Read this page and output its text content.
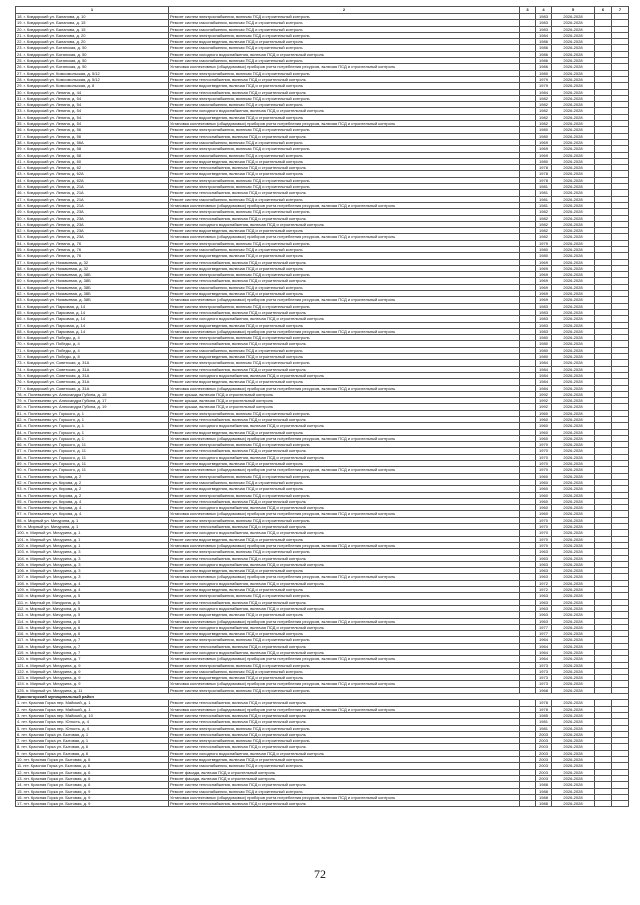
1	2	3	4	5	6	7
18. г. Ковдорский ул. Баланова, д. 10	Ремонт систем электроснабжения, включая ПСД и строительный контроль		1983	2026-2028		
19. г. Ковдорский ул. Баланова, д. 15	Ремонт систем газоснабжения, включая ПСД и строительный контроль		1983	2026-2028		
20. г. Ковдорский ул. Баланова, д. 15	Ремонт систем газоснабжения, включая ПСД и строительный контроль		1983	2026-2028		
21. г. Ковдорский ул. Баланова, д. 20	Ремонт систем электроснабжения, включая ПСД и строительный контроль		1984	2026-2028		
22. г. Ковдорский ул. Баланова, д. 20	Ремонт систем водоотведения, включая ПСД и строительный контроль		1986	2026-2028		
23. г. Ковдорский ул. Ботанская, д. 50	Ремонт систем газоснабжения, включая ПСД и строительный контроль		1986	2026-2028		
24. г. Ковдорский ул. Ботанская, д. 50	Ремонт систем холодного водоснабжения, включая ПСД и строительный контроль		1986	2026-2028		
25. г. Ковдорский ул. Ботанская, д. 50	Ремонт систем газоснабжения, включая ПСД и строительный контроль		1986	2026-2028		
26. г. Ковдорский ул. Ботанская, д. 50	Установка коллективных (общедомовых) приборов учета потребления ресурсов, включая ПСД и строительный контроль		1986	2026-2028		
27. г. Ковдорский ул. Комсомольская, д. 5/12	Ремонт систем электроснабжения, включая ПСД и строительный контроль		1980	2026-2028		
28. г. Ковдорский ул. Комсомольская, д. 5/12	Ремонт систем теплоснабжения, включая ПСД и строительный контроль		1979	2026-2028		
29. г. Ковдорский ул. Комсомольская, д. 8	Ремонт систем водоотведения, включая ПСД и строительный контроль		1979	2026-2028		
30. г. Ковдорский ул. Ленина, д. 44	Ремонт систем теплоснабжения, включая ПСД и строительный контроль		1984	2026-2028		
31. г. Ковдорский ул. Ленина, д. 54	Ремонт систем электроснабжения, включая ПСД и строительный контроль		1982	2026-2028		
32. г. Ковдорский ул. Ленина, д. 54	Ремонт систем газоснабжения, включая ПСД и строительный контроль		1982	2026-2028		
33. г. Ковдорский ул. Ленина, д. 54	Ремонт систем холодного водоснабжения, включая ПСД и строительный контроль		1982	2026-2028		
34. г. Ковдорский ул. Ленина, д. 54	Ремонт систем водоотведения, включая ПСД и строительный контроль		1982	2026-2028		
35. г. Ковдорский ул. Ленина, д. 54	Установка коллективных (общедомовых) приборов учета потребления ресурсов, включая ПСД и строительный контроль		1982	2026-2028		
36. г. Ковдорский ул. Ленина, д. 56	Ремонт систем электроснабжения, включая ПСД и строительный контроль		1980	2026-2028		
37. г. Ковдорский ул. Ленина, д. 56	Ремонт систем теплоснабжения, включая ПСД и строительный контроль		1980	2026-2028		
38. г. Ковдорский ул. Ленина, д. 56А	Ремонт систем газоснабжения, включая ПСД и строительный контроль		1969	2026-2028		
39. г. Ковдорский ул. Ленина, д. 58	Ремонт систем электроснабжения, включая ПСД и строительный контроль		1969	2026-2028		
40. г. Ковдорский ул. Ленина, д. 58	Ремонт систем газоснабжения, включая ПСД и строительный контроль		1969	2026-2028		
41. г. Ковдорский ул. Ленина, д. 60	Ремонт систем водоотведения, включая ПСД и строительный контроль		1980	2026-2028		
42. г. Ковдорский ул. Ленина, д. 62	Ремонт систем теплоснабжения, включая ПСД и строительный контроль		1978	2026-2028		
43. г. Ковдорский ул. Ленина, д. 62А	Ремонт систем водоотведения, включая ПСД и строительный контроль		1978	2026-2028		
44. г. Ковдорский ул. Ленина, д. 62А	Ремонт систем электроснабжения, включая ПСД и строительный контроль		1978	2026-2028		
45. г. Ковдорский ул. Ленина, д. 21А	Ремонт систем электроснабжения, включая ПСД и строительный контроль		1981	2026-2028		
46. г. Ковдорский ул. Ленина, д. 21А	Ремонт систем теплоснабжения, включая ПСД и строительный контроль		1981	2026-2028		
47. г. Ковдорский ул. Ленина, д. 21А	Ремонт систем газоснабжения, включая ПСД и строительный контроль		1981	2026-2028		
48. г. Ковдорский ул. Ленина, д. 21А	Установка коллективных (общедомовых) приборов учета потребления ресурсов, включая ПСД и строительный контроль		1981	2026-2028		
49. г. Ковдорский ул. Ленина, д. 23А	Ремонт систем электроснабжения, включая ПСД и строительный контроль		1982	2026-2028		
50. г. Ковдорский ул. Ленина, д. 23А	Ремонт систем теплоснабжения, включая ПСД и строительный контроль		1982	2026-2028		
51. г. Ковдорский ул. Ленина, д. 23А	Ремонт систем холодного водоснабжения, включая ПСД и строительный контроль		1982	2026-2028		
52. г. Ковдорский ул. Ленина, д. 23А	Ремонт систем водоотведения, включая ПСД и строительный контроль		1982	2026-2028		
53. г. Ковдорский ул. Ленина, д. 23А	Установка коллективных (общедомовых) приборов учета потребления ресурсов, включая ПСД и строительный контроль		1982	2026-2028		
54. г. Ковдорский ул. Ленина, д. 76	Ремонт систем электроснабжения, включая ПСД и строительный контроль		1979	2026-2028		
55. г. Ковдорский ул. Ленина, д. 76	Ремонт систем газоснабжения, включая ПСД и строительный контроль		1980	2026-2028		
56. г. Ковдорский ул. Ленина, д. 76	Ремонт систем водоотведения, включая ПСД и строительный контроль		1980	2026-2028		
57. г. Ковдорский ул. Ноямьевая, д. 32	Ремонт систем теплоснабжения, включая ПСД и строительный контроль		1969	2026-2028		
58. г. Ковдорский ул. Ноямьевая, д. 32	Ремонт систем водоотведения, включая ПСД и строительный контроль		1969	2026-2028		
59. г. Ковдорский ул. Ноямьевая, д. 38Б	Ремонт систем электроснабжения, включая ПСД и строительный контроль		1969	2026-2028		
60. г. Ковдорский ул. Ноямьевая, д. 38Б	Ремонт систем теплоснабжения, включая ПСД и строительный контроль		1969	2026-2028		
61. г. Ковдорский ул. Ноямьевая, д. 38Б	Ремонт систем газоснабжения, включая ПСД и строительный контроль		1969	2026-2028		
62. г. Ковдорский ул. Ноямьевая, д. 38Б	Ремонт систем водоотведения, включая ПСД и строительный контроль		1969	2026-2028		
63. г. Ковдорский ул. Ноямьевая, д. 38Б	Установка коллективных (общедомовых) приборов учета потребления ресурсов, включая ПСД и строительный контроль		1969	2026-2028		
64. г. Ковдорский ул. Парковая, д. 14	Ремонт систем электроснабжения, включая ПСД и строительный контроль		1983	2026-2028		
65. г. Ковдорский ул. Парковая, д. 14	Ремонт систем теплоснабжения, включая ПСД и строительный контроль		1983	2026-2028		
66. г. Ковдорский ул. Парковая, д. 14	Ремонт систем холодного водоснабжения, включая ПСД и строительный контроль		1983	2026-2028		
67. г. Ковдорский ул. Парковая, д. 14	Ремонт систем водоотведения, включая ПСД и строительный контроль		1983	2026-2028		
68. г. Ковдорский ул. Парковая, д. 14	Установка коллективных (общедомовых) приборов учета потребления ресурсов, включая ПСД и строительный контроль		1983	2026-2028		
69. г. Ковдорский ул. Победы, д. 4	Ремонт систем электроснабжения, включая ПСД и строительный контроль		1980	2026-2028		
70. г. Ковдорский ул. Победы, д. 4	Ремонт систем теплоснабжения, включая ПСД и строительный контроль		1980	2026-2028		
71. г. Ковдорский ул. Победы, д. 4	Ремонт систем газоснабжения, включая ПСД и строительный контроль		1980	2026-2028		
72. г. Ковдорский ул. Победы, д. 8	Ремонт систем водоотведения, включая ПСД и строительный контроль		1980	2026-2028		
73. г. Ковдорский ул. Советская, д. 31А	Ремонт систем электроснабжения, включая ПСД и строительный контроль		1984	2026-2028		
74. г. Ковдорский ул. Советская, д. 31А	Ремонт систем теплоснабжения, включая ПСД и строительный контроль		1984	2026-2028		
75. г. Ковдорский ул. Советская, д. 31А	Ремонт систем холодного водоснабжения, включая ПСД и строительный контроль		1984	2026-2028		
76. г. Ковдорский ул. Советская, д. 31А	Ремонт систем водоотведения, включая ПСД и строительный контроль		1984	2026-2028		
77. г. Ковдорский ул. Советская, д. 31А	Установка коллективных (общедомовых) приборов учета потребления ресурсов, включая ПСД и строительный контроль		1984	2026-2028		
78. п. Полевынево ул. Александра Губина, д. 15	Ремонт крыши, включая ПСД и строительный контроль		1992	2026-2028		
79. п. Полевынево ул. Александра Губина, д. 17	Ремонт крыши, включая ПСД и строительный контроль		1992	2026-2028		
80. п. Полевынево ул. Александра Губина, д. 19	Ремонт крыши, включая ПСД и строительный контроль		1992	2026-2028		
81. п. Полевынево ул. Горького, д. 1	Ремонт систем электроснабжения, включая ПСД и строительный контроль		1960	2026-2028		
82. п. Полевынево ул. Горького, д. 1	Ремонт систем теплоснабжения, включая ПСД и строительный контроль		1960	2026-2028		
83. п. Полевынево ул. Горького, д. 1	Ремонт систем холодного водоснабжения, включая ПСД и строительный контроль		1960	2026-2028		
84. п. Полевынево ул. Горького, д. 1	Ремонт систем водоотведения, включая ПСД и строительный контроль		1960	2026-2028		
85. п. Полевынево ул. Горького, д. 1	Установка коллективных (общедомовых) приборов учета потребления ресурсов, включая ПСД и строительный контроль		1960	2026-2028		
86. п. Полевынево ул. Горького, д. 11	Ремонт систем электроснабжения, включая ПСД и строительный контроль		1970	2026-2028		
87. п. Полевынево ул. Горького, д. 11	Ремонт систем теплоснабжения, включая ПСД и строительный контроль		1970	2026-2028		
88. п. Полевынево ул. Горького, д. 11	Ремонт систем холодного водоснабжения, включая ПСД и строительный контроль		1970	2026-2028		
89. п. Полевынево ул. Горького, д. 11	Ремонт систем водоотведения, включая ПСД и строительный контроль		1970	2026-2028		
90. п. Полевынево ул. Горького, д. 11	Установка коллективных (общедомовых) приборов учета потребления ресурсов, включая ПСД и строительный контроль		1970	2026-2028		
91. п. Полевынево ул. Кирова, д. 2	Ремонт систем электроснабжения, включая ПСД и строительный контроль		1960	2026-2028		
92. п. Полевынево ул. Кирова, д. 2	Ремонт систем газоснабжения, включая ПСД и строительный контроль		1960	2026-2028		
93. п. Полевынево ул. Кирова, д. 2	Ремонт систем водоотведения, включая ПСД и строительный контроль		1960	2026-2028		
94. п. Полевынево ул. Кирова, д. 2	Ремонт систем электроснабжения, включая ПСД и строительный контроль		1960	2026-2028		
95. п. Полевынево ул. Кирова, д. 4	Ремонт систем теплоснабжения, включая ПСД и строительный контроль		1960	2026-2028		
96. п. Полевынево ул. Кирова, д. 4	Ремонт систем холодного водоснабжения, включая ПСД и строительный контроль		1960	2026-2028		
97. п. Полевынево ул. Кирова, д. 4	Установка коллективных (общедомовых) приборов учета потребления ресурсов, включая ПСД и строительный контроль		1960	2026-2028		
98. п. Мирный ул. Мичурина, д. 1	Ремонт систем электроснабжения, включая ПСД и строительный контроль		1970	2026-2028		
99. п. Мирный ул. Мичурина, д. 1	Ремонт систем теплоснабжения, включая ПСД и строительный контроль		1970	2026-2028		
100. п. Мирный ул. Мичурина, д. 1	Ремонт систем холодного водоснабжения, включая ПСД и строительный контроль		1970	2026-2028		
101. п. Мирный ул. Мичурина, д. 1	Ремонт систем водоотведения, включая ПСД и строительный контроль		1970	2026-2028		
102. п. Мирный ул. Мичурина, д. 1	Установка коллективных (общедомовых) приборов учета потребления ресурсов, включая ПСД и строительный контроль		1970	2026-2028		
103. п. Мирный ул. Мичурина, д. 3	Ремонт систем электроснабжения, включая ПСД и строительный контроль		1963	2026-2028		
104. п. Мирный ул. Мичурина, д. 3	Ремонт систем теплоснабжения, включая ПСД и строительный контроль		1963	2026-2028		
105. п. Мирный ул. Мичурина, д. 3	Ремонт систем холодного водоснабжения, включая ПСД и строительный контроль		1963	2026-2028		
106. п. Мирный ул. Мичурина, д. 3	Ремонт систем водоотведения, включая ПСД и строительный контроль		1963	2026-2028		
107. п. Мирный ул. Мичурина, д. 3	Установка коллективных (общедомовых) приборов учета потребления ресурсов, включая ПСД и строительный контроль		1963	2026-2028		
108. п. Мирный ул. Мичурина, д. 4	Ремонт систем холодного водоснабжения, включая ПСД и строительный контроль		1972	2026-2028		
109. п. Мирный ул. Мичурина, д. 4	Ремонт систем водоотведения, включая ПСД и строительный контроль		1972	2026-2028		
110. п. Мирный ул. Мичурина, д. 5	Ремонт систем электроснабжения, включая ПСД и строительный контроль		1963	2026-2028		
111. п. Мирный ул. Мичурина, д. 5	Ремонт систем теплоснабжения, включая ПСД и строительный контроль		1963	2026-2028		
112. п. Мирный ул. Мичурина, д. 5	Ремонт систем холодного водоснабжения, включая ПСД и строительный контроль		1963	2026-2028		
113. п. Мирный ул. Мичурина, д. 5	Ремонт систем водоотведения, включая ПСД и строительный контроль		1963	2026-2028		
114. п. Мирный ул. Мичурина, д. 5	Установка коллективных (общедомовых) приборов учета потребления ресурсов, включая ПСД и строительный контроль		1963	2026-2028		
115. п. Мирный ул. Мичурина, д. 6	Ремонт систем холодного водоснабжения, включая ПСД и строительный контроль		1977	2026-2028		
116. п. Мирный ул. Мичурина, д. 6	Ремонт систем водоотведения, включая ПСД и строительный контроль		1977	2026-2028		
117. п. Мирный ул. Мичурина, д. 7	Ремонт систем электроснабжения, включая ПСД и строительный контроль		1964	2026-2028		
118. п. Мирный ул. Мичурина, д. 7	Ремонт систем теплоснабжения, включая ПСД и строительный контроль		1964	2026-2028		
119. п. Мирный ул. Мичурина, д. 7	Ремонт систем холодного водоснабжения, включая ПСД и строительный контроль		1964	2026-2028		
120. п. Мирный ул. Мичурина, д. 7	Установка коллективных (общедомовых) приборов учета потребления ресурсов, включая ПСД и строительный контроль		1964	2026-2028		
121. п. Мирный ул. Мичурина, д. 9	Ремонт систем электроснабжения, включая ПСД и строительный контроль		1973	2026-2028		
122. п. Мирный ул. Мичурина, д. 9	Ремонт систем газоснабжения, включая ПСД и строительный контроль		1973	2026-2028		
123. п. Мирный ул. Мичурина, д. 9	Ремонт систем водоотведения, включая ПСД и строительный контроль		1973	2026-2028		
124. п. Мирный ул. Мичурина, д. 9	Установка коллективных (общедомовых) приборов учета потребления ресурсов, включая ПСД и строительный контроль		1973	2026-2028		
125. п. Мирный ул. Мичурина, д. 11	Ремонт систем электроснабжения, включая ПСД и строительный контроль		1968	2026-2028		
Красногорский муниципальный район						
1. пгт. Красная Горка пер. Майский, д. 1	Ремонт систем теплоснабжения, включая ПСД и строительный контроль		1978	2026-2028		
2. пгт. Красная Горка пер. Майский, д. 1	Установка коллективных (общедомовых) приборов учета потребления ресурсов, включая ПСД и строительный контроль		1978	2026-2028		
3. пгт. Красная Горка пер. Майский, д. 10	Ремонт систем теплоснабжения, включая ПСД и строительный контроль		1985	2026-2028		
4. пгт. Красная Горка пер. Юность, д. 4	Ремонт систем теплоснабжения, включая ПСД и строительный контроль		1981	2026-2028		
5. пгт. Красная Горка пер. Юность, д. 4	Ремонт систем электроснабжения, включая ПСД и строительный контроль		1981	2026-2028		
6. пгт. Красная Горка ул. Бытовая, д. 1	Ремонт систем теплоснабжения, включая ПСД и строительный контроль		2003	2026-2028		
7. пгт. Красная Горка ул. Бытовая, д. 1	Ремонт систем электроснабжения, включая ПСД и строительный контроль		2003	2026-2028		
8. пгт. Красная Горка ул. Бытовая, д. 6	Ремонт систем теплоснабжения, включая ПСД и строительный контроль		2003	2026-2028		
9. пгт. Красная Горка ул. Бытовая, д. 6	Ремонт систем холодного водоснабжения, включая ПСД и строительный контроль		2003	2026-2028		
10. пгт. Красная Горка ул. Бытовая, д. 6	Ремонт систем водоотведения, включая ПСД и строительный контроль		2003	2026-2028		
11. пгт. Красная Горка ул. Бытовая, д. 6	Ремонт систем газоснабжения, включая ПСД и строительный контроль		2003	2026-2028		
12. пгт. Красная Горка ул. Бытовая, д. 6	Ремонт фасада, включая ПСД и строительный контроль		2003	2026-2028		
13. пгт. Красная Горка ул. Бытовая, д. 6	Ремонт фасада, включая ПСД и строительный контроль		2003	2026-2028		
14. пгт. Красная Горка ул. Бытовая, д. 6	Ремонт систем теплоснабжения, включая ПСД и строительный контроль		1988	2026-2028		
15. пгт. Красная Горка ул. Бытовая, д. 9	Ремонт систем газоснабжения, включая ПСД и строительный контроль		1988	2026-2028		
16. пгт. Красная Горка ул. Бытовая, д. 9	Установка коллективных (общедомовых) приборов учета потребления ресурсов, включая ПСД и строительный контроль		1988	2026-2028		
17. пгт. Красная Горка ул. Бытовая, д. 9	Ремонт систем теплоснабжения, включая ПСД и строительный контроль		1988	2026-2028		
72
